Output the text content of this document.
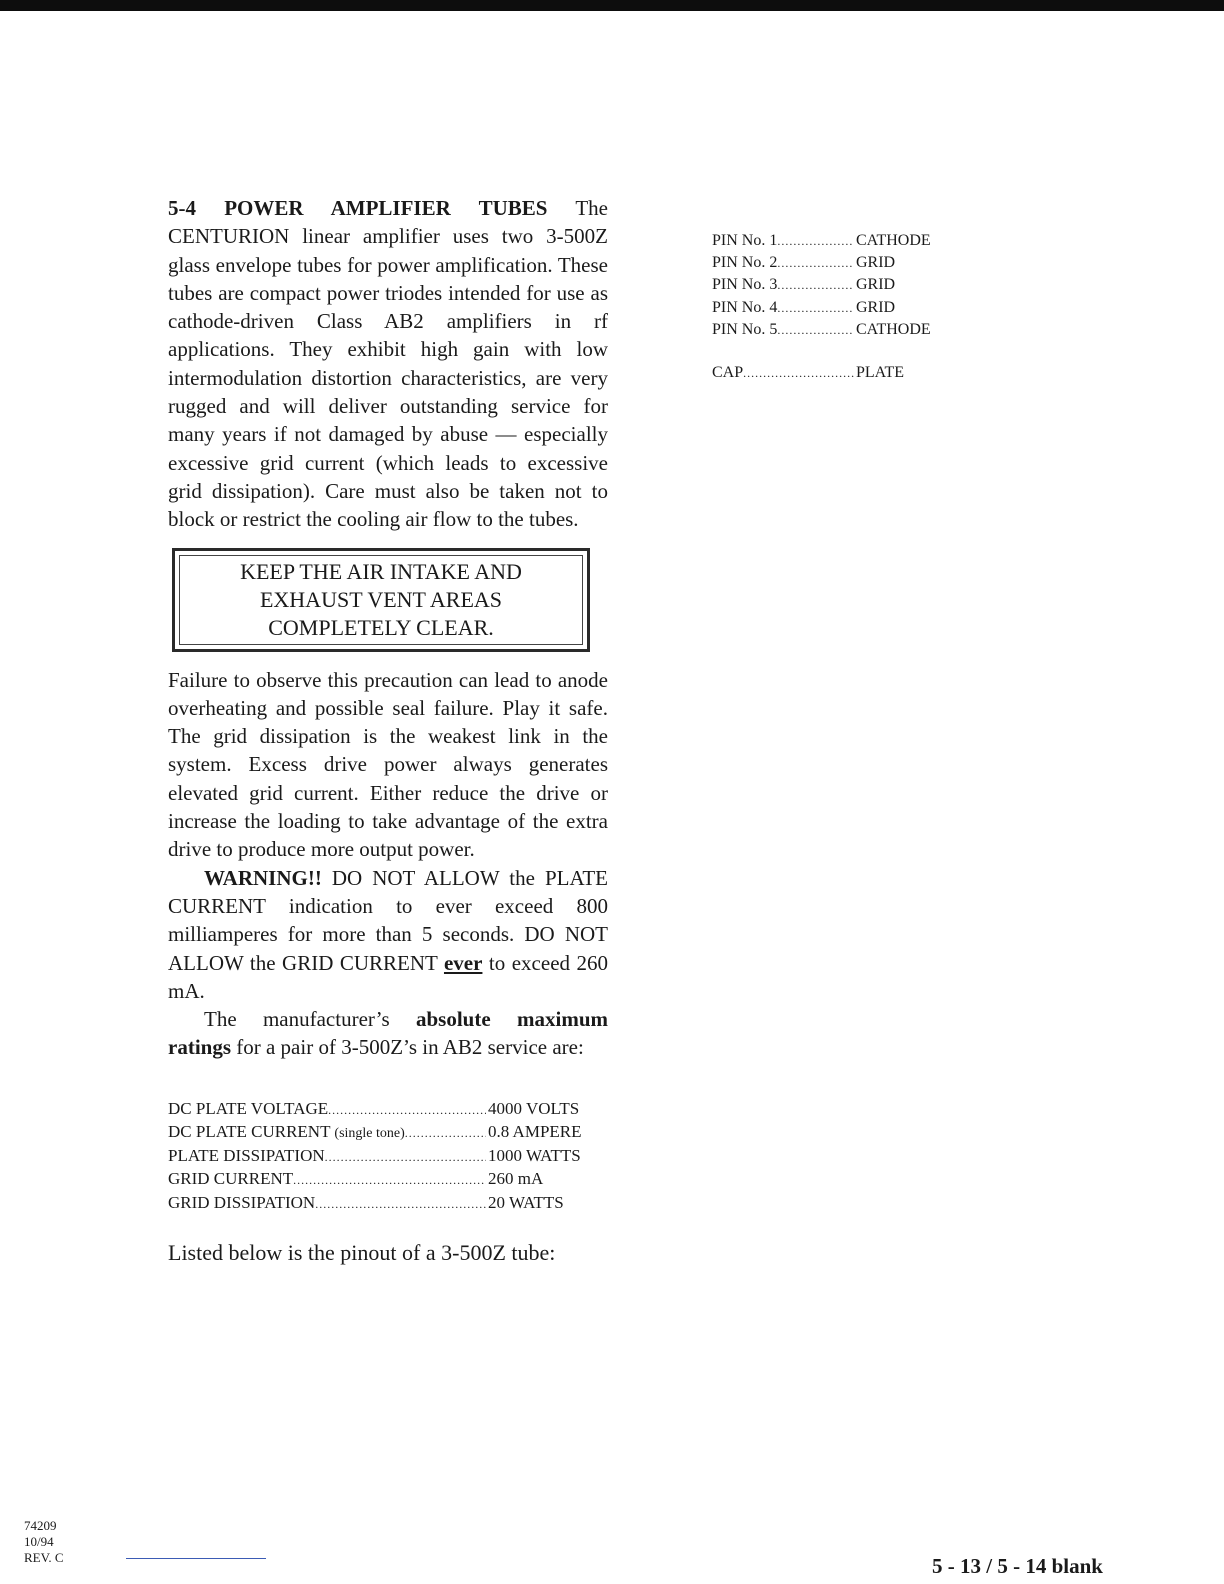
5-4 POWER AMPLIFIER TUBES The CENTURION linear amplifier uses two 3-500Z glass envelope tubes for power amplification. These tubes are compact power triodes intended for use as cathode-driven Class AB2 amplifiers in rf applications. They exhibit high gain with low intermodulation distortion characteristics, are very rugged and will deliver outstanding service for many years if not damaged by abuse — especially excessive grid current (which leads to excessive grid dissipation). Care must also be taken not to block or restrict the cooling air flow to the tubes.

KEEP THE AIR INTAKE AND
EXHAUST VENT AREAS
COMPLETELY CLEAR.

Failure to observe this precaution can lead to anode overheating and possible seal failure. Play it safe. The grid dissipation is the weakest link in the system. Excess drive power always generates elevated grid current. Either reduce the drive or increase the loading to take advantage of the extra drive to produce more output power.

WARNING!! DO NOT ALLOW the PLATE CURRENT indication to ever exceed 800 milliamperes for more than 5 seconds. DO NOT ALLOW the GRID CURRENT ever to exceed 260 mA.

The manufacturer’s absolute maximum ratings for a pair of 3-500Z’s in AB2 service are:

DC PLATE VOLTAGE .....	4000 VOLTS
DC PLATE CURRENT (single tone) .....	0.8 AMPERE
PLATE DISSIPATION .....	1000 WATTS
GRID CURRENT .....	260 mA
GRID DISSIPATION .....	20 WATTS
Listed below is the pinout of a 3-500Z tube:
PIN No. 1 .....	CATHODE
PIN No. 2 .....	GRID
PIN No. 3 .....	GRID
PIN No. 4 .....	GRID
PIN No. 5 .....	CATHODE
CAP .....	PLATE
74209
10/94
REV. C	5 - 13 / 5 - 14 blank
